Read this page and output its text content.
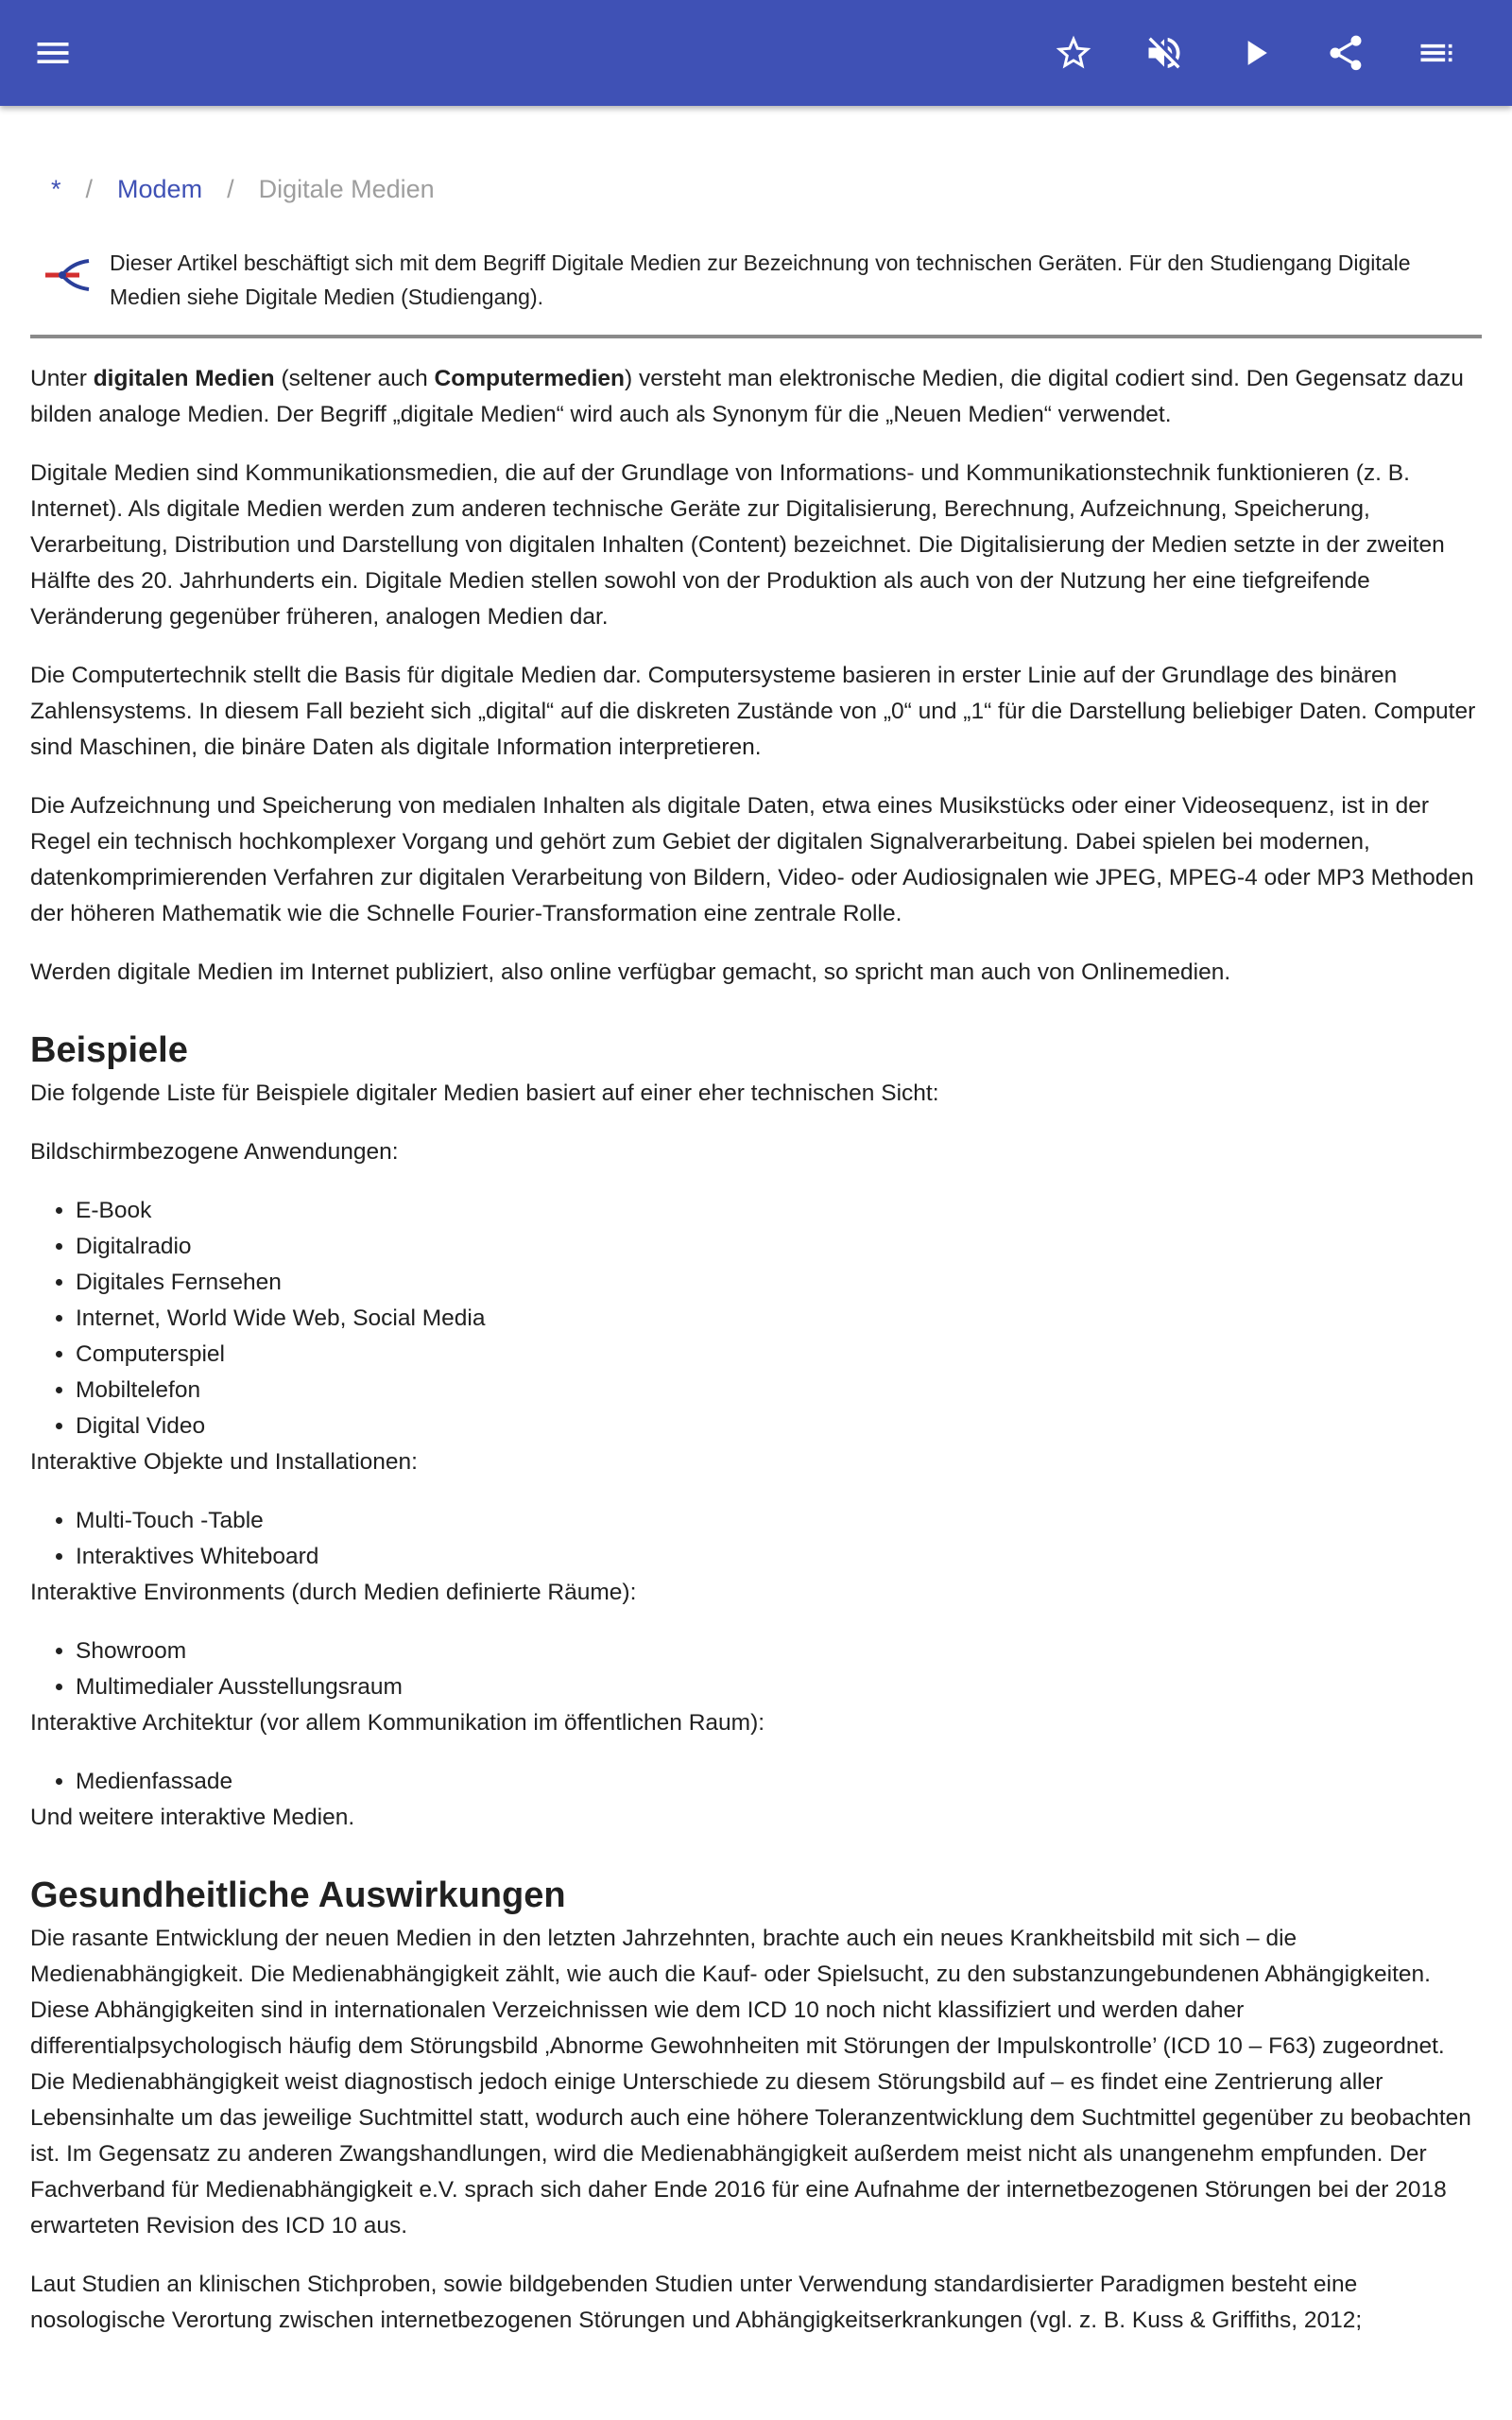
* / Modem / Digitale Medien
Dieser Artikel beschäftigt sich mit dem Begriff Digitale Medien zur Bezeichnung von technischen Geräten. Für den Studiengang Digitale Medien siehe Digitale Medien (Studiengang).

Unter digitalen Medien (seltener auch Computermedien) versteht man elektronische Medien, die digital codiert sind. Den Gegensatz dazu bilden analoge Medien. Der Begriff „digitale Medien“ wird auch als Synonym für die „Neuen Medien“ verwendet.

Digitale Medien sind Kommunikationsmedien, die auf der Grundlage von Informations- und Kommunikationstechnik funktionieren (z. B. Internet). Als digitale Medien werden zum anderen technische Geräte zur Digitalisierung, Berechnung, Aufzeichnung, Speicherung, Verarbeitung, Distribution und Darstellung von digitalen Inhalten (Content) bezeichnet. Die Digitalisierung der Medien setzte in der zweiten Hälfte des 20. Jahrhunderts ein. Digitale Medien stellen sowohl von der Produktion als auch von der Nutzung her eine tiefgreifende Veränderung gegenüber früheren, analogen Medien dar.

Die Computertechnik stellt die Basis für digitale Medien dar. Computersysteme basieren in erster Linie auf der Grundlage des binären Zahlensystems. In diesem Fall bezieht sich „digital“ auf die diskreten Zustände von „0“ und „1“ für die Darstellung beliebiger Daten. Computer sind Maschinen, die binäre Daten als digitale Information interpretieren.

Die Aufzeichnung und Speicherung von medialen Inhalten als digitale Daten, etwa eines Musikstücks oder einer Videosequenz, ist in der Regel ein technisch hochkomplexer Vorgang und gehört zum Gebiet der digitalen Signalverarbeitung. Dabei spielen bei modernen, datenkomprimierenden Verfahren zur digitalen Verarbeitung von Bildern, Video- oder Audiosignalen wie JPEG, MPEG-4 oder MP3 Methoden der höheren Mathematik wie die Schnelle Fourier-Transformation eine zentrale Rolle.

Werden digitale Medien im Internet publiziert, also online verfügbar gemacht, so spricht man auch von Onlinemedien.

Beispiele

Die folgende Liste für Beispiele digitaler Medien basiert auf einer eher technischen Sicht:

Bildschirmbezogene Anwendungen:

• E-Book
• Digitalradio
• Digitales Fernsehen
• Internet, World Wide Web, Social Media
• Computerspiel
• Mobiltelefon
• Digital Video

Interaktive Objekte und Installationen:

• Multi-Touch -Table
• Interaktives Whiteboard

Interaktive Environments (durch Medien definierte Räume):

• Showroom
• Multimedialer Ausstellungsraum

Interaktive Architektur (vor allem Kommunikation im öffentlichen Raum):

• Medienfassade

Und weitere interaktive Medien.

Gesundheitliche Auswirkungen

Die rasante Entwicklung der neuen Medien in den letzten Jahrzehnten, brachte auch ein neues Krankheitsbild mit sich – die Medienabhängigkeit. Die Medienabhängigkeit zählt, wie auch die Kauf- oder Spielsucht, zu den substanzungebundenen Abhängigkeiten. Diese Abhängigkeiten sind in internationalen Verzeichnissen wie dem ICD 10 noch nicht klassifiziert und werden daher differentialpsychologisch häufig dem Störungsbild ‚Abnorme Gewohnheiten mit Störungen der Impulskontrolle’ (ICD 10 – F63) zugeordnet. Die Medienabhängigkeit weist diagnostisch jedoch einige Unterschiede zu diesem Störungsbild auf – es findet eine Zentrierung aller Lebensinhalte um das jeweilige Suchtmittel statt, wodurch auch eine höhere Toleranzentwicklung dem Suchtmittel gegenüber zu beobachten ist. Im Gegensatz zu anderen Zwangshandlungen, wird die Medienabhängigkeit außerdem meist nicht als unangenehm empfunden. Der Fachverband für Medienabhängigkeit e.V. sprach sich daher Ende 2016 für eine Aufnahme der internetbezogenen Störungen bei der 2018 erwarteten Revision des ICD 10 aus.

Laut Studien an klinischen Stichproben, sowie bildgebenden Studien unter Verwendung standardisierter Paradigmen besteht eine nosologische Verortung zwischen internetbezogenen Störungen und Abhängigkeitserkrankungen (vgl. z. B. Kuss & Griffiths, 2012;
